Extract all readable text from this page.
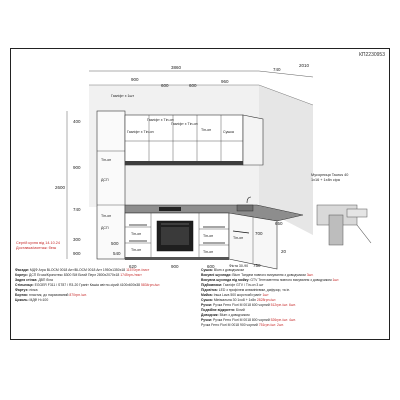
КП2230953
3860	740
2010
900
600	600
960
400
2600
740
900
300
900
620
500
540
900	600
700
750
20
650
Газліфт х 1шт
Газліфт х Тіп-он
Газліфт х Тіп-он
Сушка
Тіп-он
Газліфт х Тіп-он
ДСП
ДСП
Тіп-он
Тіп-он
Тіп-он
Тіп-он
Тіп-он
Фіста 30-90
Тіп-он
Тіп-он
Мусорниця Taurus 40
1x16 + 1x8n сірa
Сергій кухня від 14.10.24
Доставка/монтаж: безк
Фасади: МДФ Агра BLOCM 0018 Ант/BLOCM 0018 Ант 1950x1350x18 11570грн./лист
Корпус: ДСП Егоза/Кронотекс 8300 SM Білий Перл 2800x2070x18 1745грн./лист
Задня стінка: ДВП біла
Стільниця: EGGER F311 / ST87 / R3-20 Граніт Кашіа світло-сірий 4100x600x38 5834грн./шт.
Фартух: пілка
Бортик: пластик, до нарахований 870грн./шт.
Цоколь: МДФ H=100
Сушка: Blum з доводчиком
Висувні шухляди: Blum Тандем повного висування з доводчиком 3шт.
Висувна шухляда під мийку: GTV Тентоментна повного висування з доводчиком 1шт.
Підйомники: Газліфт GTV / Тіп-он 3 шт
Підсвітка: LED з профілем алюмінієвим, дифузор, та ін.
Мийка: Інша Lava 500 жорсткий граніт 1шт
Сушка: Мінімальна 30 1xo8 + 1x8n 2828грн./шт.
Ручки: Ручка Ferro Fiori M 0018 600 чорний 512грн./шт. 6шт.
Подвійне відкриття: Білий
Доводчик: Blum з доводчиком
Ручки: Ручка Ferro Fiori M 0018 800 чорний 526грн./шт. 4шт.
Ручка Ferro Fiori M 0018 900 чорний 751грн./шт. 2шт.
